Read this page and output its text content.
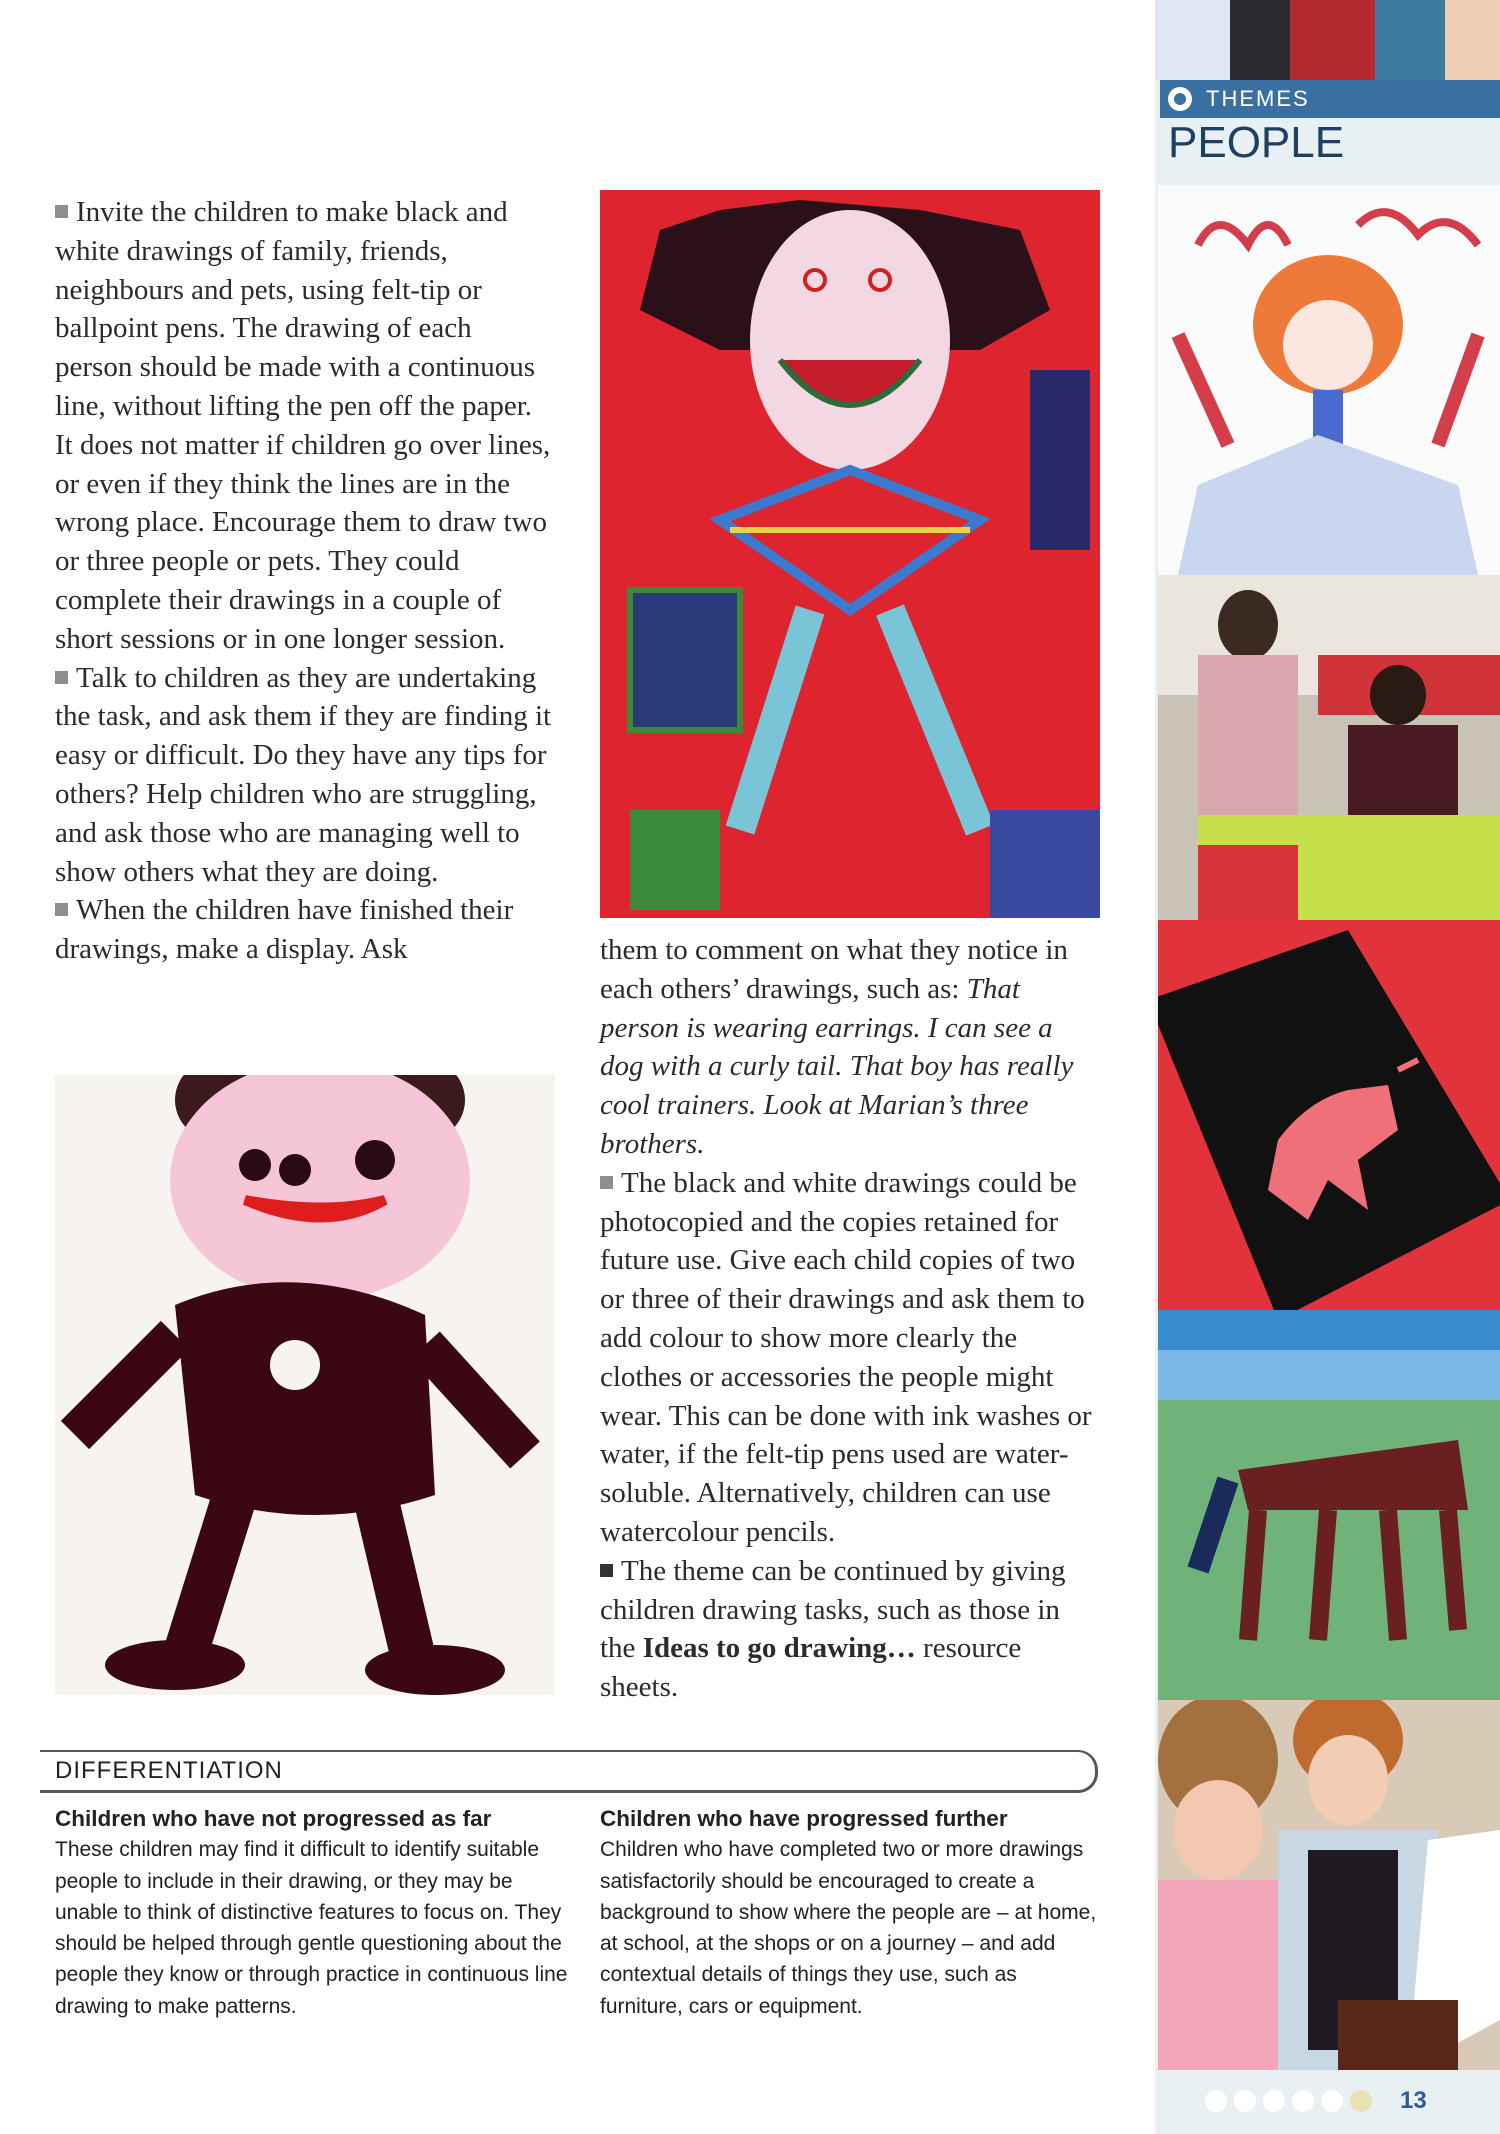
Invite the children to make black and white drawings of family, friends, neighbours and pets, using felt-tip or ballpoint pens. The drawing of each person should be made with a continuous line, without lifting the pen off the paper. It does not matter if children go over lines, or even if they think the lines are in the wrong place. Encourage them to draw two or three people or pets. They could complete their drawings in a couple of short sessions or in one longer session.

Talk to children as they are undertaking the task, and ask them if they are finding it easy or difficult. Do they have any tips for others? Help children who are struggling, and ask those who are managing well to show others what they are doing.

When the children have finished their drawings, make a display. Ask	them to comment on what they notice in each others’ drawings, such as: That person is wearing earrings. I can see a dog with a curly tail. That boy has really cool trainers. Look at Marian’s three brothers.

The black and white drawings could be photocopied and the copies retained for future use. Give each child copies of two or three of their drawings and ask them to add colour to show more clearly the clothes or accessories the people might wear. This can be done with ink washes or water, if the felt-tip pens used are water-soluble. Alternatively, children can use watercolour pencils.

The theme can be continued by giving children drawing tasks, such as those in the Ideas to go drawing… resource sheets.

THEMES
PEOPLE
13
DIFFERENTIATION
Children who have not progressed as far
These children may find it difficult to identify suitable people to include in their drawing, or they may be unable to think of distinctive features to focus on. They should be helped through gentle questioning about the people they know or through practice in continuous line drawing to make patterns.
Children who have progressed further
Children who have completed two or more drawings satisfactorily should be encouraged to create a background to show where the people are – at home, at school, at the shops or on a journey – and add contextual details of things they use, such as furniture, cars or equipment.
